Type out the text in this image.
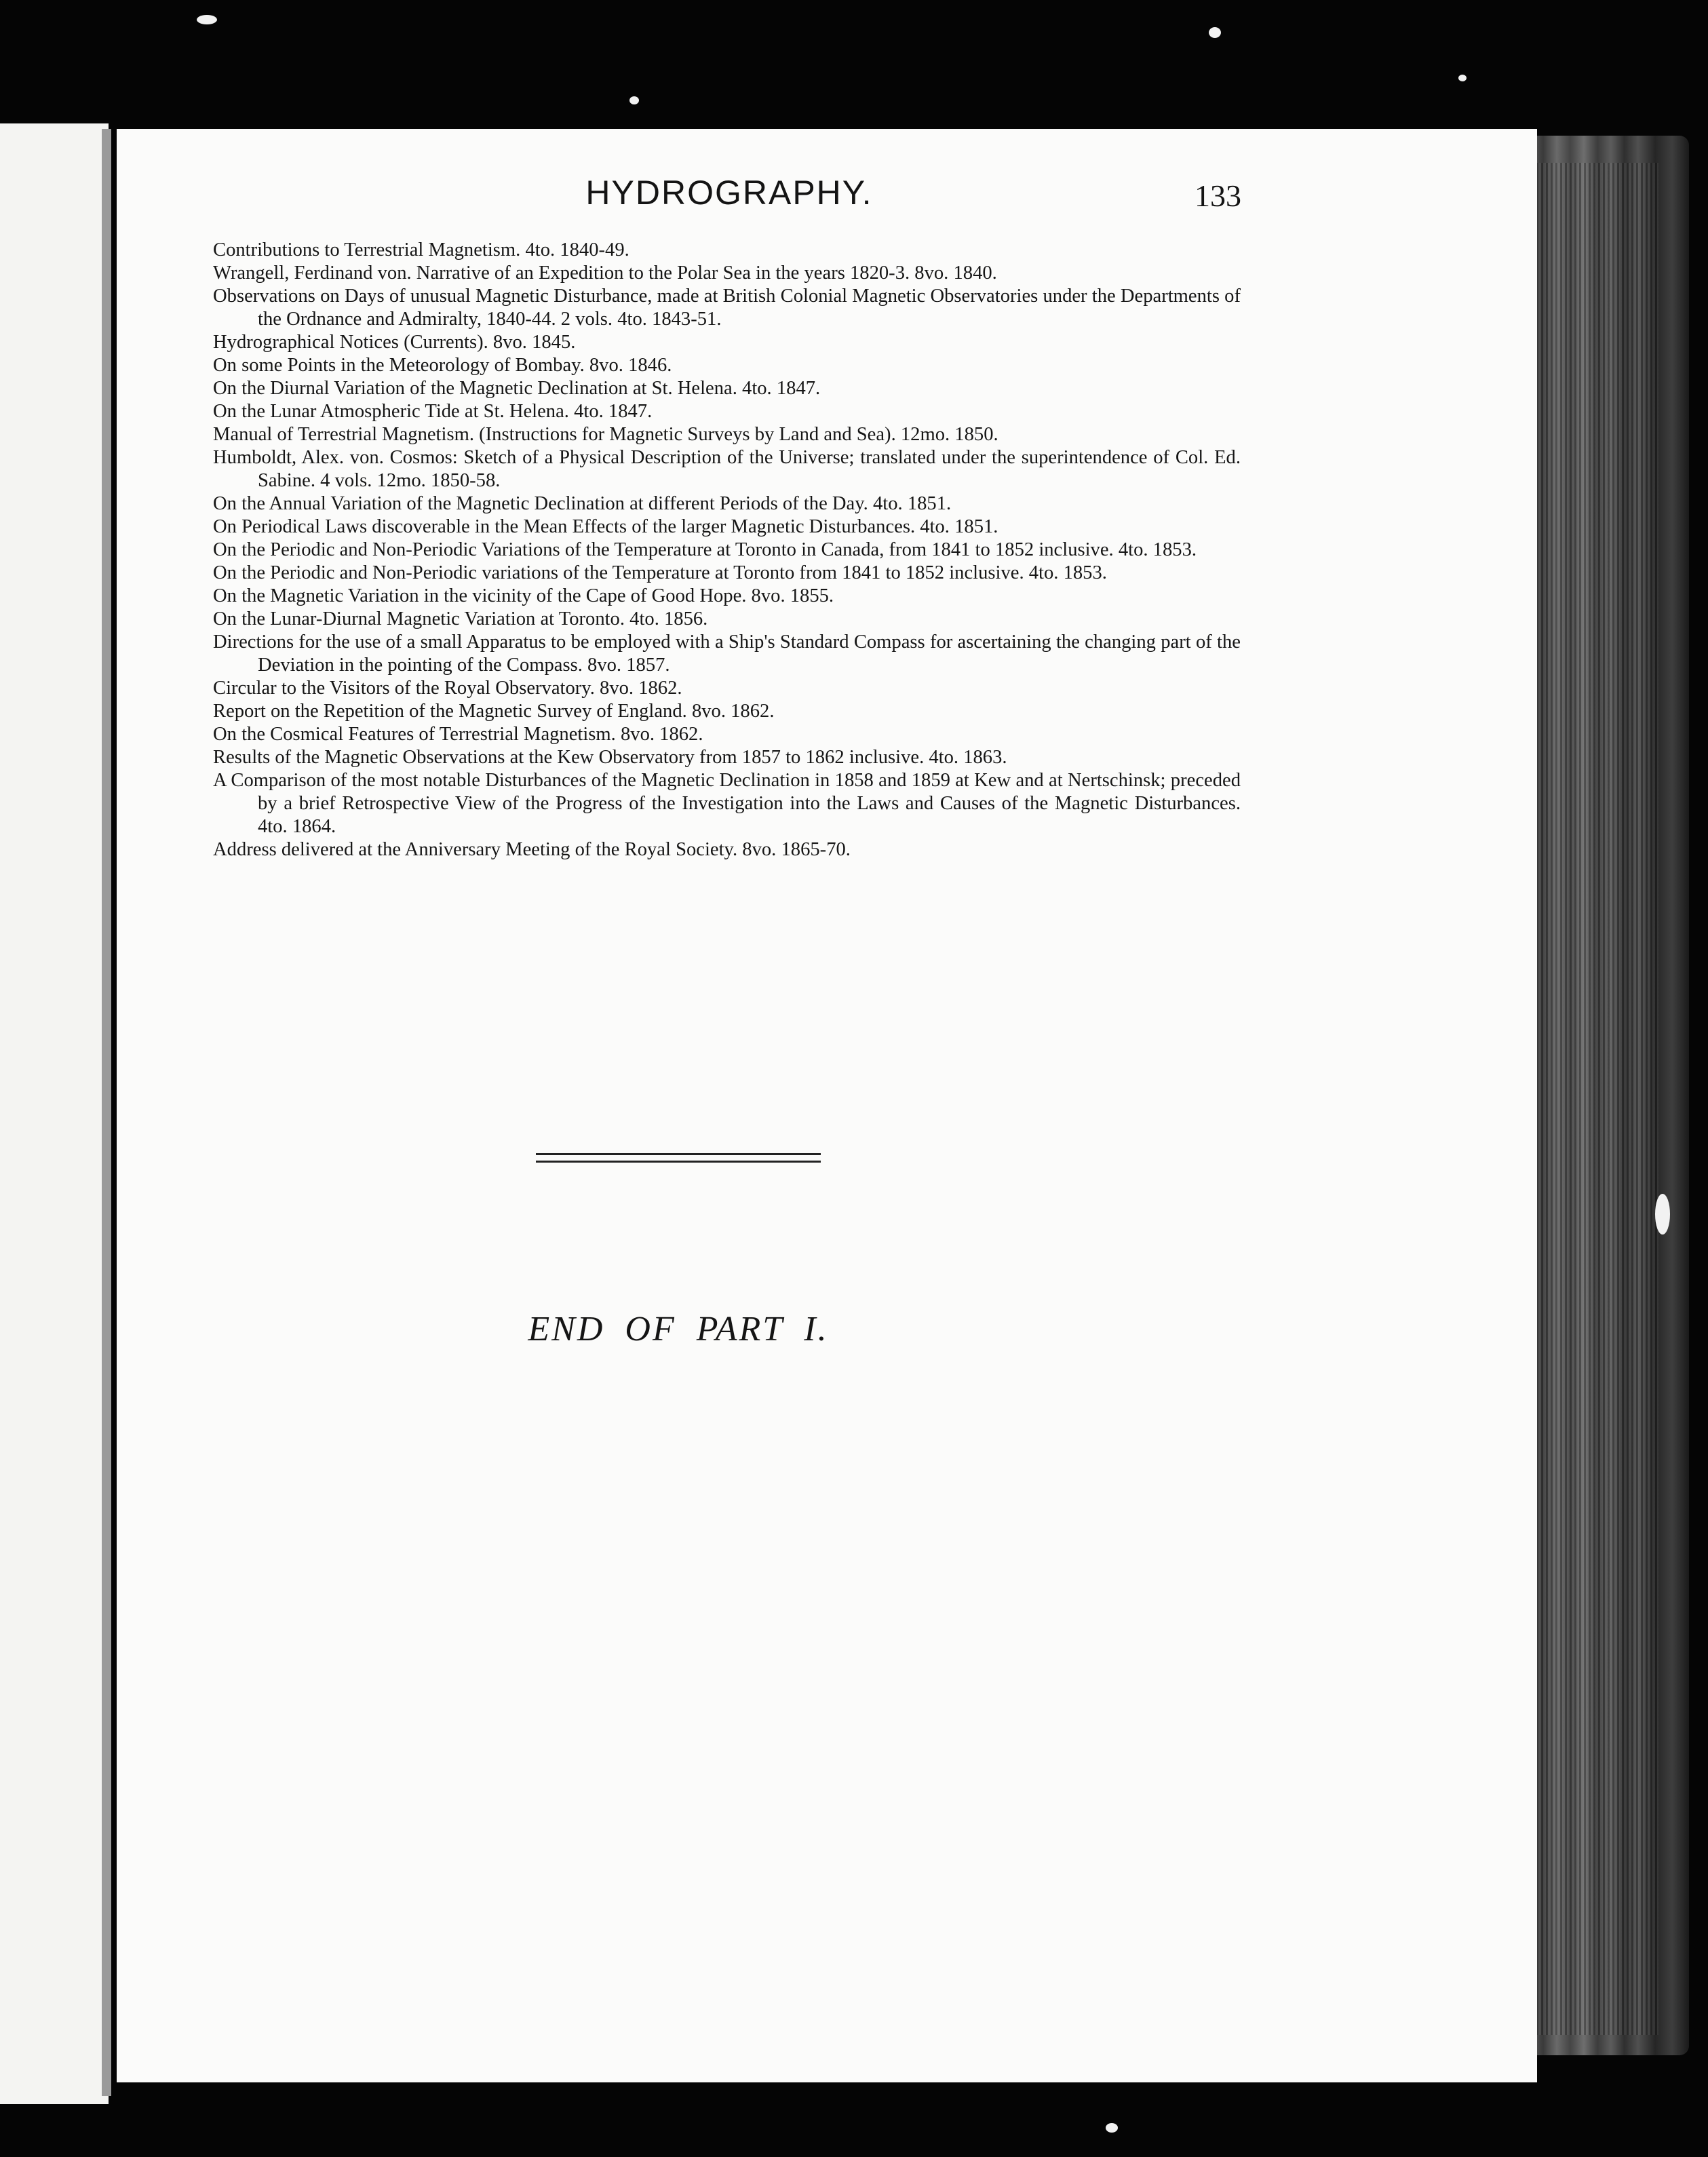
HYDROGRAPHY.	133
Contributions to Terrestrial Magnetism. 4to. 1840-49.
Wrangell, Ferdinand von. Narrative of an Expedition to the Polar Sea in the years 1820-3. 8vo. 1840.
Observations on Days of unusual Magnetic Disturbance, made at British Colonial Magnetic Observatories under the Departments of the Ordnance and Admiralty, 1840-44. 2 vols. 4to. 1843-51.
Hydrographical Notices (Currents). 8vo. 1845.
On some Points in the Meteorology of Bombay. 8vo. 1846.
On the Diurnal Variation of the Magnetic Declination at St. Helena. 4to. 1847.
On the Lunar Atmospheric Tide at St. Helena. 4to. 1847.
Manual of Terrestrial Magnetism. (Instructions for Magnetic Surveys by Land and Sea). 12mo. 1850.
Humboldt, Alex. von. Cosmos: Sketch of a Physical Description of the Universe; translated under the superintendence of Col. Ed. Sabine. 4 vols. 12mo. 1850-58.
On the Annual Variation of the Magnetic Declination at different Periods of the Day. 4to. 1851.
On Periodical Laws discoverable in the Mean Effects of the larger Magnetic Disturbances. 4to. 1851.
On the Periodic and Non-Periodic Variations of the Temperature at Toronto in Canada, from 1841 to 1852 inclusive. 4to. 1853.
On the Periodic and Non-Periodic variations of the Temperature at Toronto from 1841 to 1852 inclusive. 4to. 1853.
On the Magnetic Variation in the vicinity of the Cape of Good Hope. 8vo. 1855.
On the Lunar-Diurnal Magnetic Variation at Toronto. 4to. 1856.
Directions for the use of a small Apparatus to be employed with a Ship's Standard Compass for ascertaining the changing part of the Deviation in the pointing of the Compass. 8vo. 1857.
Circular to the Visitors of the Royal Observatory. 8vo. 1862.
Report on the Repetition of the Magnetic Survey of England. 8vo. 1862.
On the Cosmical Features of Terrestrial Magnetism. 8vo. 1862.
Results of the Magnetic Observations at the Kew Observatory from 1857 to 1862 inclusive. 4to. 1863.
A Comparison of the most notable Disturbances of the Magnetic Declination in 1858 and 1859 at Kew and at Nertschinsk; preceded by a brief Retrospective View of the Progress of the Investigation into the Laws and Causes of the Magnetic Disturbances. 4to. 1864.
Address delivered at the Anniversary Meeting of the Royal Society. 8vo. 1865-70.
END OF PART I.
